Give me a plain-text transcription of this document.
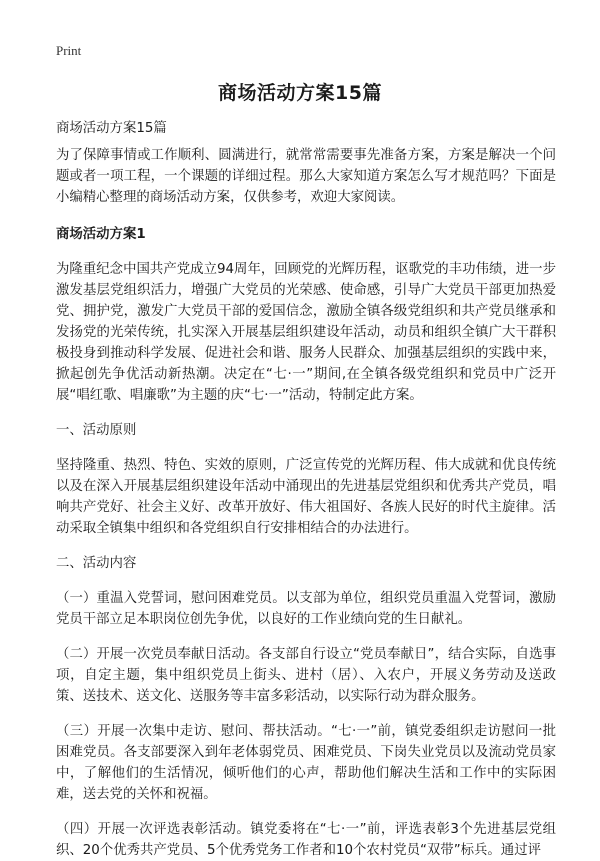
Print
商场活动方案15篇

商场活动方案15篇

为了保障事情或工作顺利、圆满进行，就常常需要事先准备方案，方案是解决一个问题或者一项工程，一个课题的详细过程。那么大家知道方案怎么写才规范吗？下面是小编精心整理的商场活动方案，仅供参考，欢迎大家阅读。

商场活动方案1

为隆重纪念中国共产党成立94周年，回顾党的光辉历程，讴歌党的丰功伟绩，进一步激发基层党组织活力，增强广大党员的光荣感、使命感，引导广大党员干部更加热爱党、拥护党，激发广大党员干部的爱国信念，激励全镇各级党组织和共产党员继承和发扬党的光荣传统，扎实深入开展基层组织建设年活动，动员和组织全镇广大干群积极投身到推动科学发展、促进社会和谐、服务人民群众、加强基层组织的实践中来，掀起创先争优活动新热潮。决定在“七·一”期间,在全镇各级党组织和党员中广泛开展“唱红歌、唱廉歌”为主题的庆“七·一”活动，特制定此方案。

一、活动原则

坚持隆重、热烈、特色、实效的原则，广泛宣传党的光辉历程、伟大成就和优良传统以及在深入开展基层组织建设年活动中涌现出的先进基层党组织和优秀共产党员，唱响共产党好、社会主义好、改革开放好、伟大祖国好、各族人民好的时代主旋律。活动采取全镇集中组织和各党组织自行安排相结合的办法进行。

二、活动内容

（一）重温入党誓词，慰问困难党员。以支部为单位，组织党员重温入党誓词，激励党员干部立足本职岗位创先争优，以良好的工作业绩向党的生日献礼。

（二）开展一次党员奉献日活动。各支部自行设立“党员奉献日”，结合实际，自选事项，自定主题，集中组织党员上街头、进村（居）、入农户，开展义务劳动及送政策、送技术、送文化、送服务等丰富多彩活动，以实际行动为群众服务。

（三）开展一次集中走访、慰问、帮扶活动。“七·一”前，镇党委组织走访慰问一批困难党员。各支部要深入到年老体弱党员、困难党员、下岗失业党员以及流动党员家中，了解他们的生活情况，倾听他们的心声，帮助他们解决生活和工作中的实际困难，送去党的关怀和祝福。

（四）开展一次评选表彰活动。镇党委将在“七·一”前，评选表彰3个先进基层党组织、20个优秀共产党员、5个优秀党务工作者和10个农村党员“双带”标兵。通过评
